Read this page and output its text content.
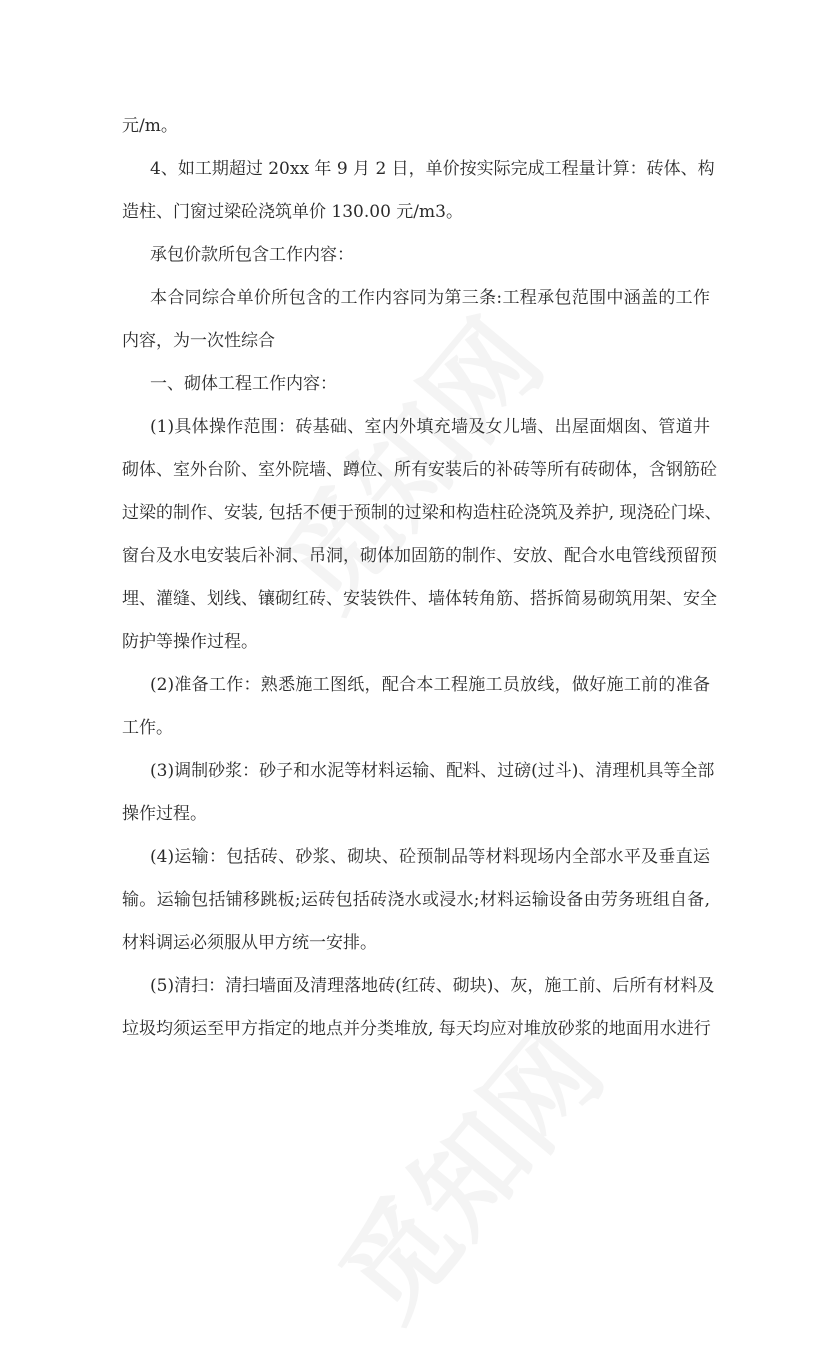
元/m。
4、如工期超过 20xx 年 9 月 2 日，单价按实际完成工程量计算：砖体、构
造柱、门窗过梁砼浇筑单价 130.00 元/m3。
承包价款所包含工作内容：
本合同综合单价所包含的工作内容同为第三条:工程承包范围中涵盖的工作
内容，为一次性综合
一、砌体工程工作内容：
(1)具体操作范围：砖基础、室内外填充墙及女儿墙、出屋面烟囱、管道井
砌体、室外台阶、室外院墙、蹲位、所有安装后的补砖等所有砖砌体，含钢筋砼
过梁的制作、安装, 包括不便于预制的过梁和构造柱砼浇筑及养护, 现浇砼门垛、
窗台及水电安装后补洞、吊洞，砌体加固筋的制作、安放、配合水电管线预留预
埋、灌缝、划线、镶砌红砖、安装铁件、墙体转角筋、搭拆简易砌筑用架、安全
防护等操作过程。
(2)准备工作：熟悉施工图纸，配合本工程施工员放线，做好施工前的准备
工作。
(3)调制砂浆：砂子和水泥等材料运输、配料、过磅(过斗)、清理机具等全部
操作过程。
(4)运输：包括砖、砂浆、砌块、砼预制品等材料现场内全部水平及垂直运
输。运输包括铺移跳板;运砖包括砖浇水或浸水;材料运输设备由劳务班组自备,
材料调运必须服从甲方统一安排。
(5)清扫：清扫墙面及清理落地砖(红砖、砌块)、灰，施工前、后所有材料及
垃圾均须运至甲方指定的地点并分类堆放, 每天均应对堆放砂浆的地面用水进行
